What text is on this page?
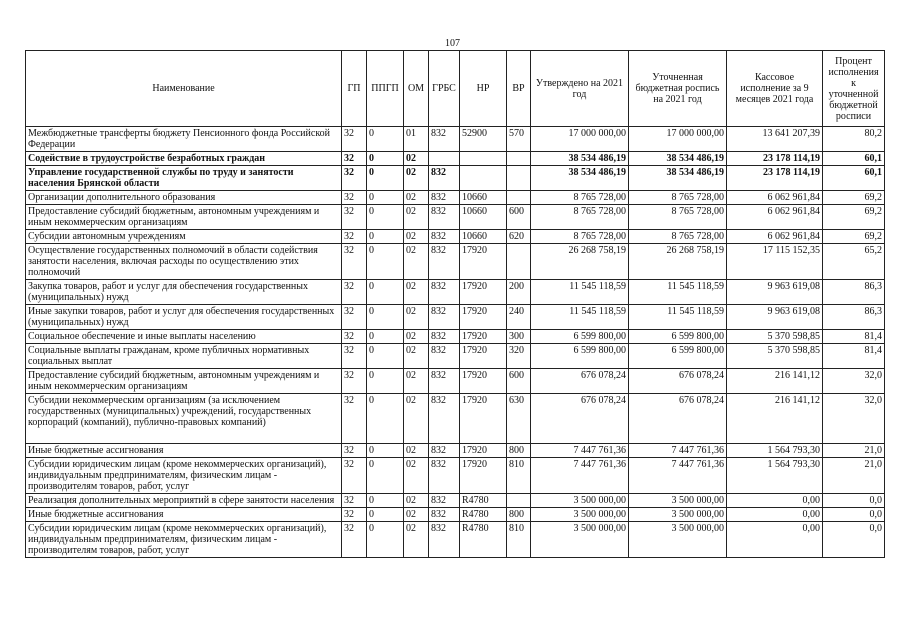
107
Наименование	ГП	ППГП	ОМ	ГРБС	НР	ВР	Утверждено на 2021 год	Уточненная бюджетная роспись на 2021 год	Кассовое исполнение за 9 месяцев 2021 года	Процент исполнения к уточненной бюджетной росписи
Межбюджетные трансферты бюджету Пенсионного фонда Российской Федерации	32	0	01	832	52900	570	17 000 000,00	17 000 000,00	13 641 207,39	80,2
Содействие в трудоустройстве безработных граждан	32	0	02				38 534 486,19	38 534 486,19	23 178 114,19	60,1
Управление государственной службы по труду и занятости населения Брянской области	32	0	02	832			38 534 486,19	38 534 486,19	23 178 114,19	60,1
Организации дополнительного образования	32	0	02	832	10660		8 765 728,00	8 765 728,00	6 062 961,84	69,2
Предоставление субсидий бюджетным, автономным учреждениям и иным некоммерческим организациям	32	0	02	832	10660	600	8 765 728,00	8 765 728,00	6 062 961,84	69,2
Субсидии автономным учреждениям	32	0	02	832	10660	620	8 765 728,00	8 765 728,00	6 062 961,84	69,2
Осуществление государственных полномочий в области содействия занятости населения, включая расходы по осуществлению этих полномочий	32	0	02	832	17920		26 268 758,19	26 268 758,19	17 115 152,35	65,2
Закупка товаров, работ и услуг для обеспечения государственных (муниципальных) нужд	32	0	02	832	17920	200	11 545 118,59	11 545 118,59	9 963 619,08	86,3
Иные закупки товаров, работ и услуг для обеспечения государственных (муниципальных) нужд	32	0	02	832	17920	240	11 545 118,59	11 545 118,59	9 963 619,08	86,3
Социальное обеспечение и иные выплаты населению	32	0	02	832	17920	300	6 599 800,00	6 599 800,00	5 370 598,85	81,4
Социальные выплаты гражданам, кроме публичных нормативных социальных выплат	32	0	02	832	17920	320	6 599 800,00	6 599 800,00	5 370 598,85	81,4
Предоставление субсидий бюджетным, автономным учреждениям и иным некоммерческим организациям	32	0	02	832	17920	600	676 078,24	676 078,24	216 141,12	32,0
Субсидии некоммерческим организациям (за исключением государственных (муниципальных) учреждений, государственных корпораций (компаний), публично-правовых компаний)	32	0	02	832	17920	630	676 078,24	676 078,24	216 141,12	32,0
Иные бюджетные ассигнования	32	0	02	832	17920	800	7 447 761,36	7 447 761,36	1 564 793,30	21,0
Субсидии юридическим лицам (кроме некоммерческих организаций), индивидуальным предпринимателям, физическим лицам - производителям товаров, работ, услуг	32	0	02	832	17920	810	7 447 761,36	7 447 761,36	1 564 793,30	21,0
Реализация дополнительных мероприятий в сфере занятости населения	32	0	02	832	R4780		3 500 000,00	3 500 000,00	0,00	0,0
Иные бюджетные ассигнования	32	0	02	832	R4780	800	3 500 000,00	3 500 000,00	0,00	0,0
Субсидии юридическим лицам (кроме некоммерческих организаций), индивидуальным предпринимателям, физическим лицам - производителям товаров, работ, услуг	32	0	02	832	R4780	810	3 500 000,00	3 500 000,00	0,00	0,0
